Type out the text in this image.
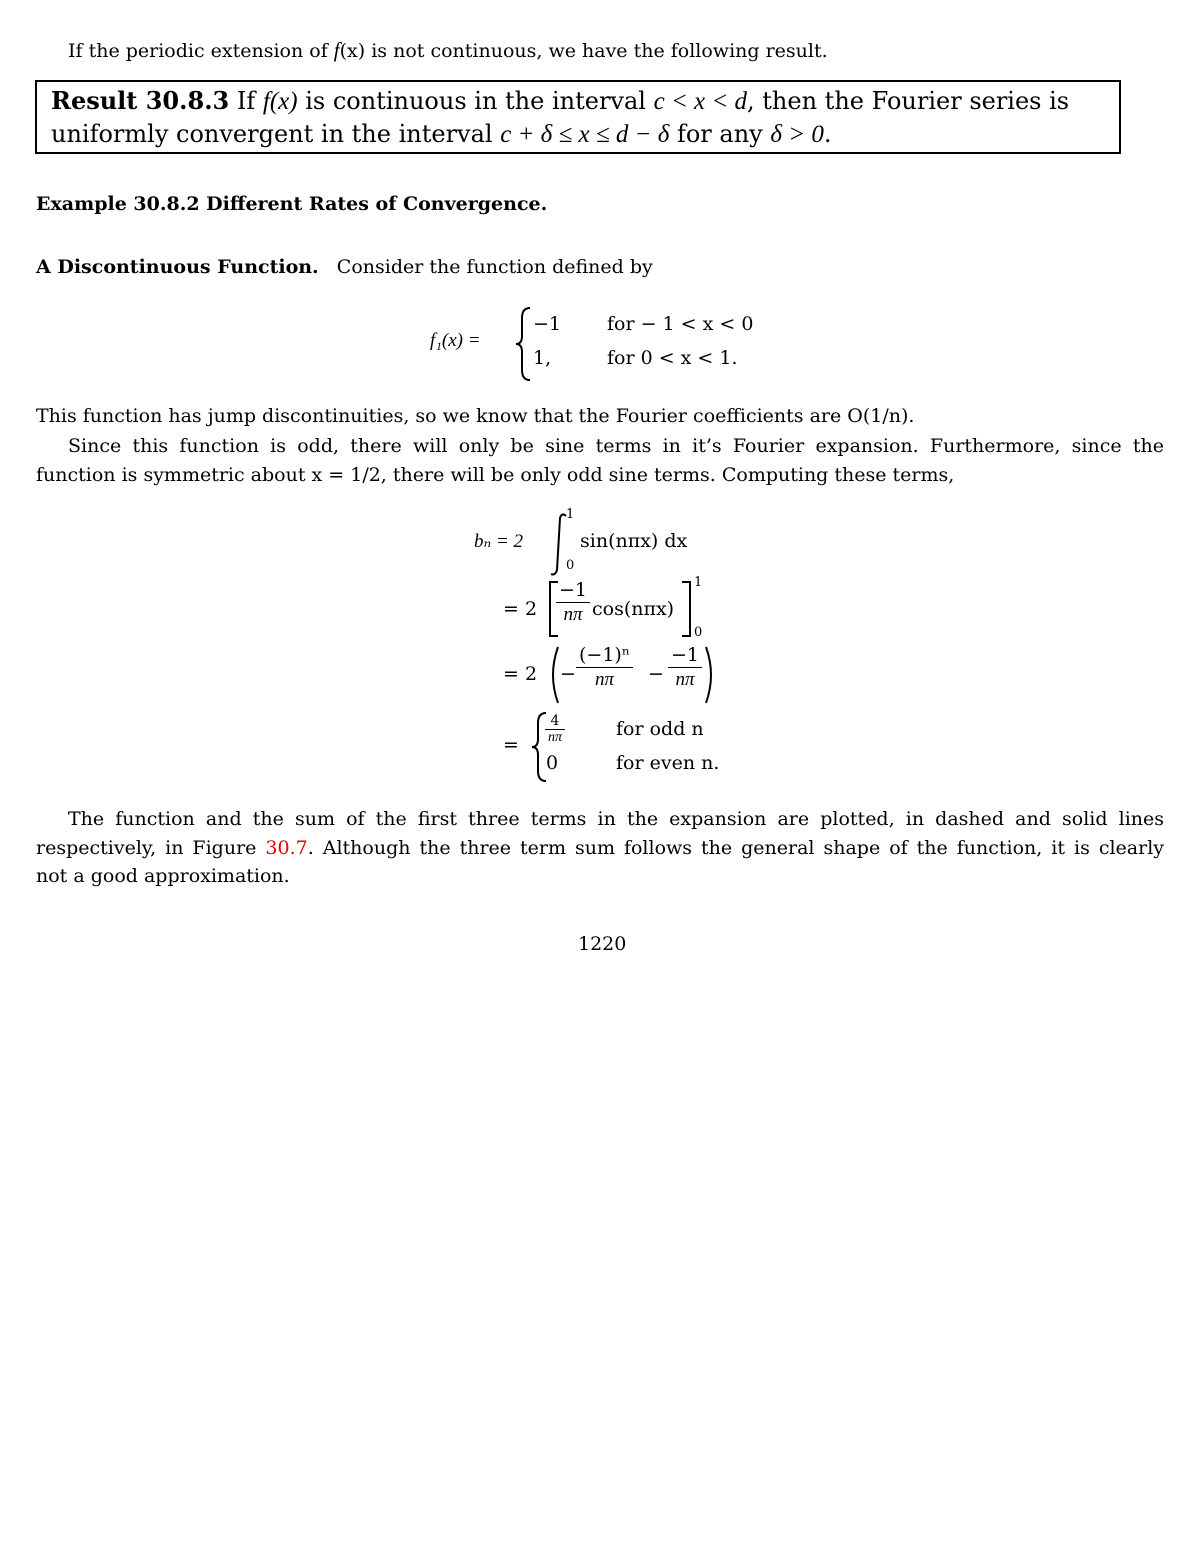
If the periodic extension of f(x) is not continuous, we have the following result.
Result 30.8.3 If f(x) is continuous in the interval c < x < d, then the Fourier series is
uniformly convergent in the interval c + δ ≤ x ≤ d − δ for any δ > 0.
Example 30.8.2 Different Rates of Convergence.
A Discontinuous Function. Consider the function defined by
f₁(x) =
−1 for − 1 < x < 0
1,	for 0 < x < 1.
This function has jump discontinuities, so we know that the Fourier coefficients are O(1/n).
Since this function is odd, there will only be sine terms in it’s Fourier expansion. Furthermore, since the
function is symmetric about x = 1/2, there will be only odd sine terms. Computing these terms,
bₙ = 2
1
0
sin(nπx) dx
= $2 \frac{-1}{n\pi} \cos(n\pi x)$
1
0
= $2 - \frac{\text{(−1)ⁿ}}{n\pi} - \frac{-1}{n\pi}$
= $\frac{4}{n\pi}$	for odd n
0	for even n.
The function and the sum of the first three terms in the expansion are plotted, in dashed and solid lines
respectively, in Figure 30.7. Although the three term sum follows the general shape of the function, it is clearly
not a good approximation.
1220
